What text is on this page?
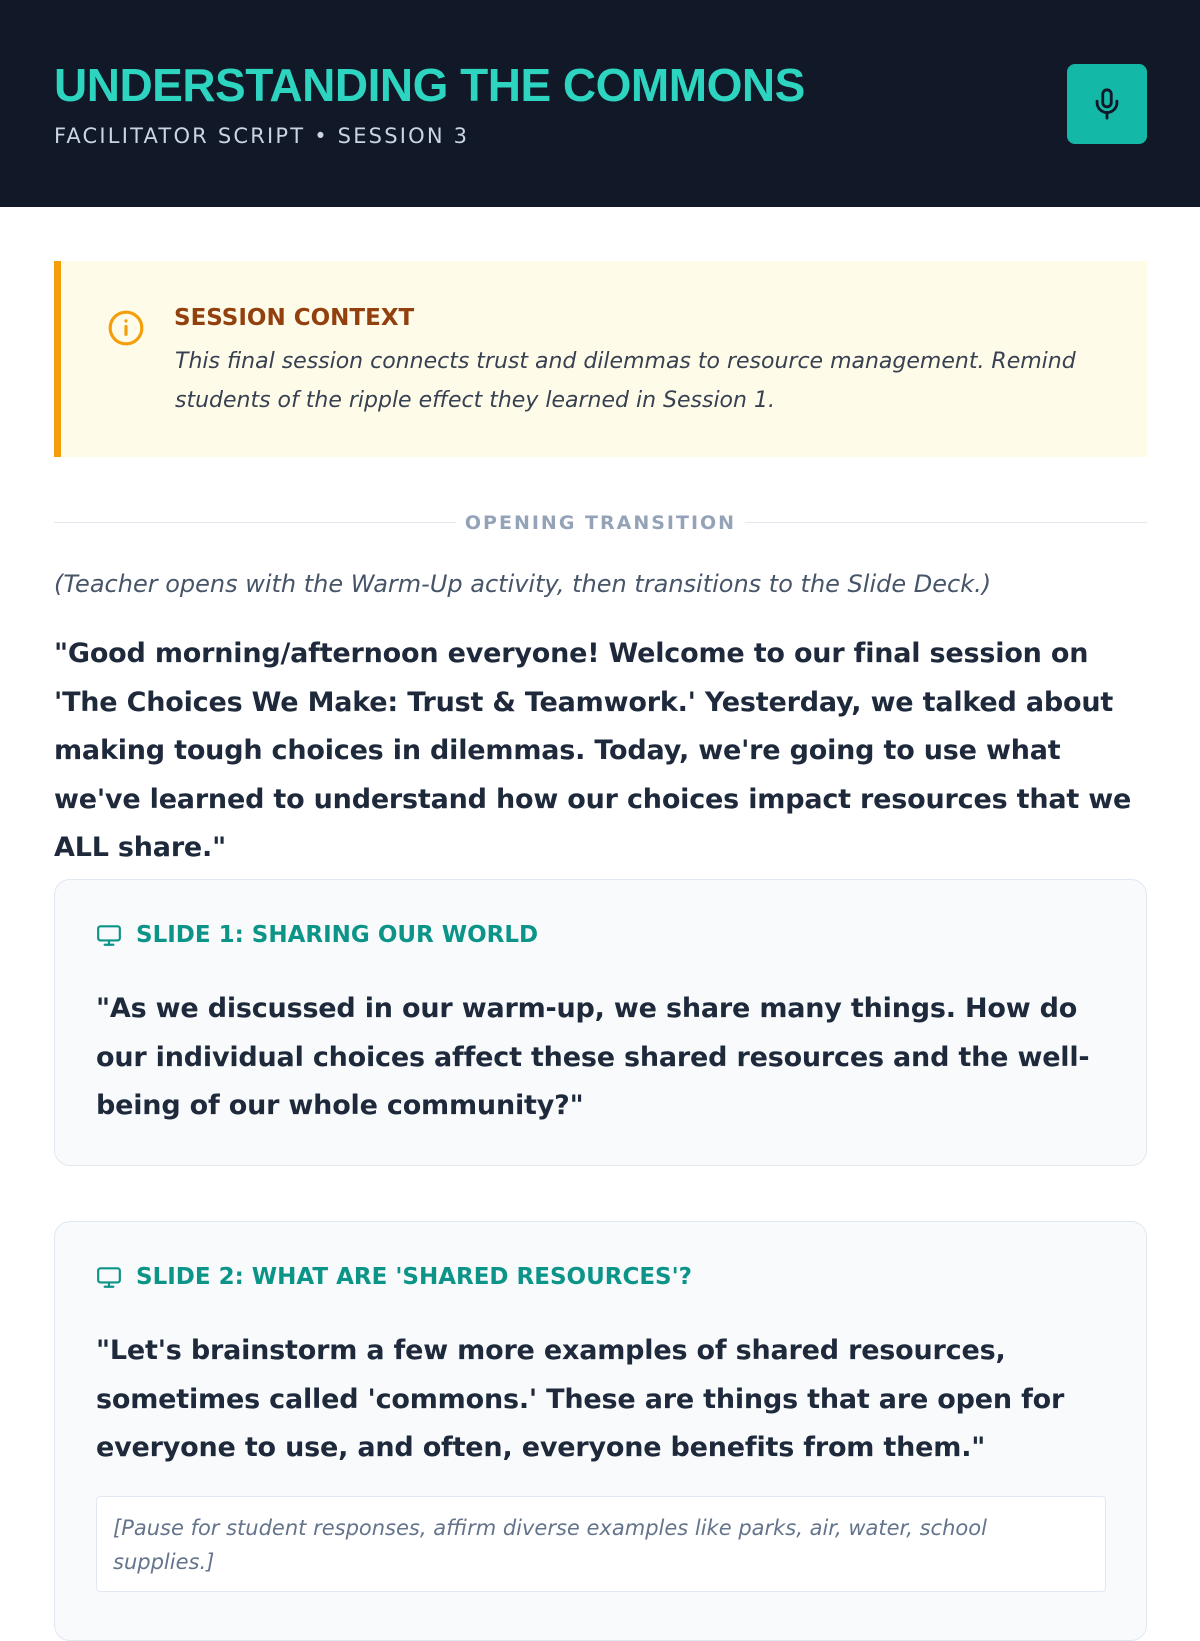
UNDERSTANDING THE COMMONS
FACILITATOR SCRIPT • SESSION 3
SESSION CONTEXT

This final session connects trust and dilemmas to resource management. Remind students of the ripple effect they learned in Session 1.

OPENING TRANSITION

(Teacher opens with the Warm-Up activity, then transitions to the Slide Deck.)

"Good morning/afternoon everyone! Welcome to our final session on 'The Choices We Make: Trust & Teamwork.' Yesterday, we talked about making tough choices in dilemmas. Today, we're going to use what we've learned to understand how our choices impact resources that we ALL share."

SLIDE 1: SHARING OUR WORLD

"As we discussed in our warm-up, we share many things. How do our individual choices affect these shared resources and the well-being of our whole community?"

SLIDE 2: WHAT ARE 'SHARED RESOURCES'?

"Let's brainstorm a few more examples of shared resources, sometimes called 'commons.' These are things that are open for everyone to use, and often, everyone benefits from them."

[Pause for student responses, affirm diverse examples like parks, air, water, school supplies.]
